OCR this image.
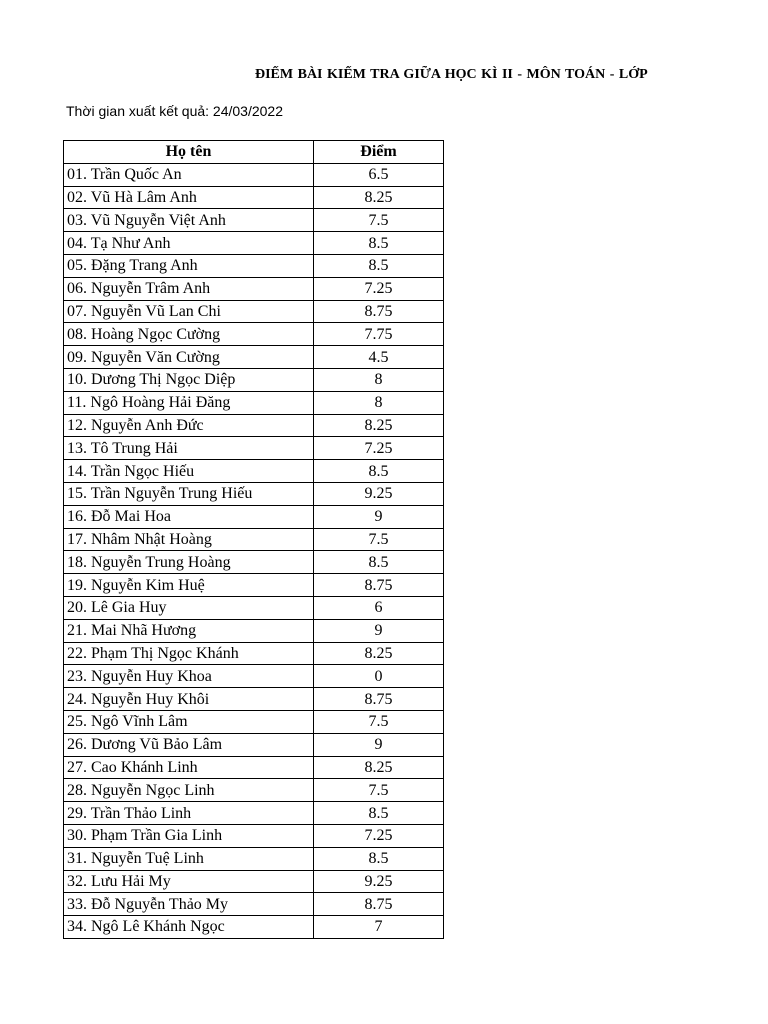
ĐIỂM BÀI KIỂM TRA GIỮA HỌC KÌ II - MÔN TOÁN - LỚP
Thời gian xuất kết quả: 24/03/2022
Họ tên	Điểm
01. Trần Quốc An	6.5
02. Vũ Hà Lâm Anh	8.25
03. Vũ Nguyễn Việt Anh	7.5
04. Tạ Như Anh	8.5
05. Đặng Trang Anh	8.5
06. Nguyễn Trâm Anh	7.25
07. Nguyễn Vũ Lan Chi	8.75
08. Hoàng Ngọc Cường	7.75
09. Nguyễn Văn Cường	4.5
10. Dương Thị Ngọc Diệp	8
11. Ngô Hoàng Hải Đăng	8
12. Nguyễn Anh Đức	8.25
13. Tô Trung Hải	7.25
14. Trần Ngọc Hiếu	8.5
15. Trần Nguyễn Trung Hiếu	9.25
16. Đỗ Mai Hoa	9
17. Nhâm Nhật Hoàng	7.5
18. Nguyễn Trung Hoàng	8.5
19. Nguyễn Kim Huệ	8.75
20. Lê Gia Huy	6
21. Mai Nhã Hương	9
22. Phạm Thị Ngọc Khánh	8.25
23. Nguyễn Huy Khoa	0
24. Nguyễn Huy Khôi	8.75
25. Ngô Vĩnh Lâm	7.5
26. Dương Vũ Bảo Lâm	9
27. Cao Khánh Linh	8.25
28. Nguyễn Ngọc Linh	7.5
29. Trần Thảo Linh	8.5
30. Phạm Trần Gia Linh	7.25
31. Nguyễn Tuệ Linh	8.5
32. Lưu Hải My	9.25
33. Đỗ Nguyễn Thảo My	8.75
34. Ngô Lê Khánh Ngọc	7
